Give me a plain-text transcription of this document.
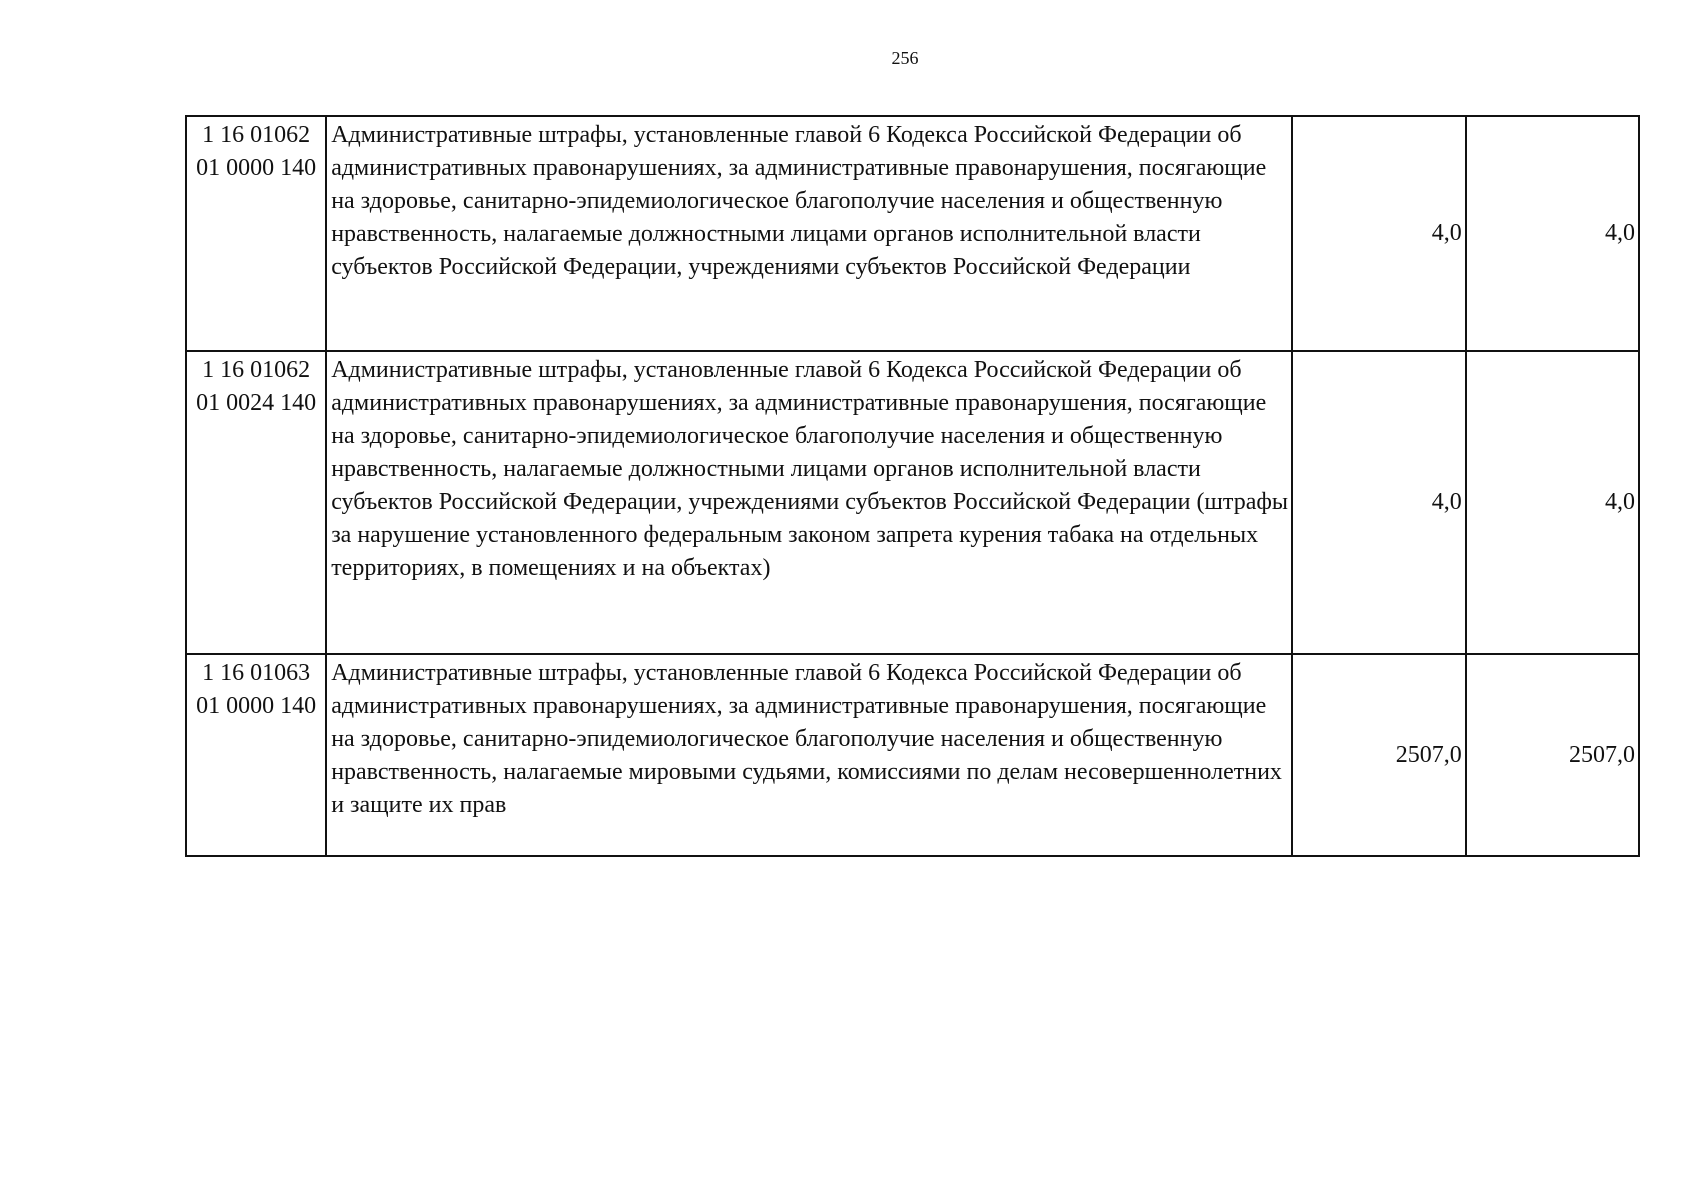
256
1 16 01062
01 0000 140	Административные штрафы, установленные главой 6 Кодекса Российской Федерации об административных правонарушениях, за административные правонарушения, посягающие на здоровье, санитарно-эпидемиологическое благополучие населения и общественную нравственность, налагаемые должностными лицами органов исполнительной власти субъектов Российской Федерации, учреждениями субъектов Российской Федерации	4,0	4,0

1 16 01062
01 0024 140	Административные штрафы, установленные главой 6 Кодекса Российской Федерации об административных правонарушениях, за административные правонарушения, посягающие на здоровье, санитарно-эпидемиологическое благополучие населения и общественную нравственность, налагаемые должностными лицами органов исполнительной власти субъектов Российской Федерации, учреждениями субъектов Российской Федерации (штрафы за нарушение установленного федеральным законом запрета курения табака на отдельных территориях, в помещениях и на объектах)	4,0	4,0

1 16 01063
01 0000 140	Административные штрафы, установленные главой 6 Кодекса Российской Федерации об административных правонарушениях, за административные правонарушения, посягающие на здоровье, санитарно-эпидемиологическое благополучие населения и общественную нравственность, налагаемые мировыми судьями, комиссиями по делам несовершеннолетних и защите их прав	2507,0	2507,0
